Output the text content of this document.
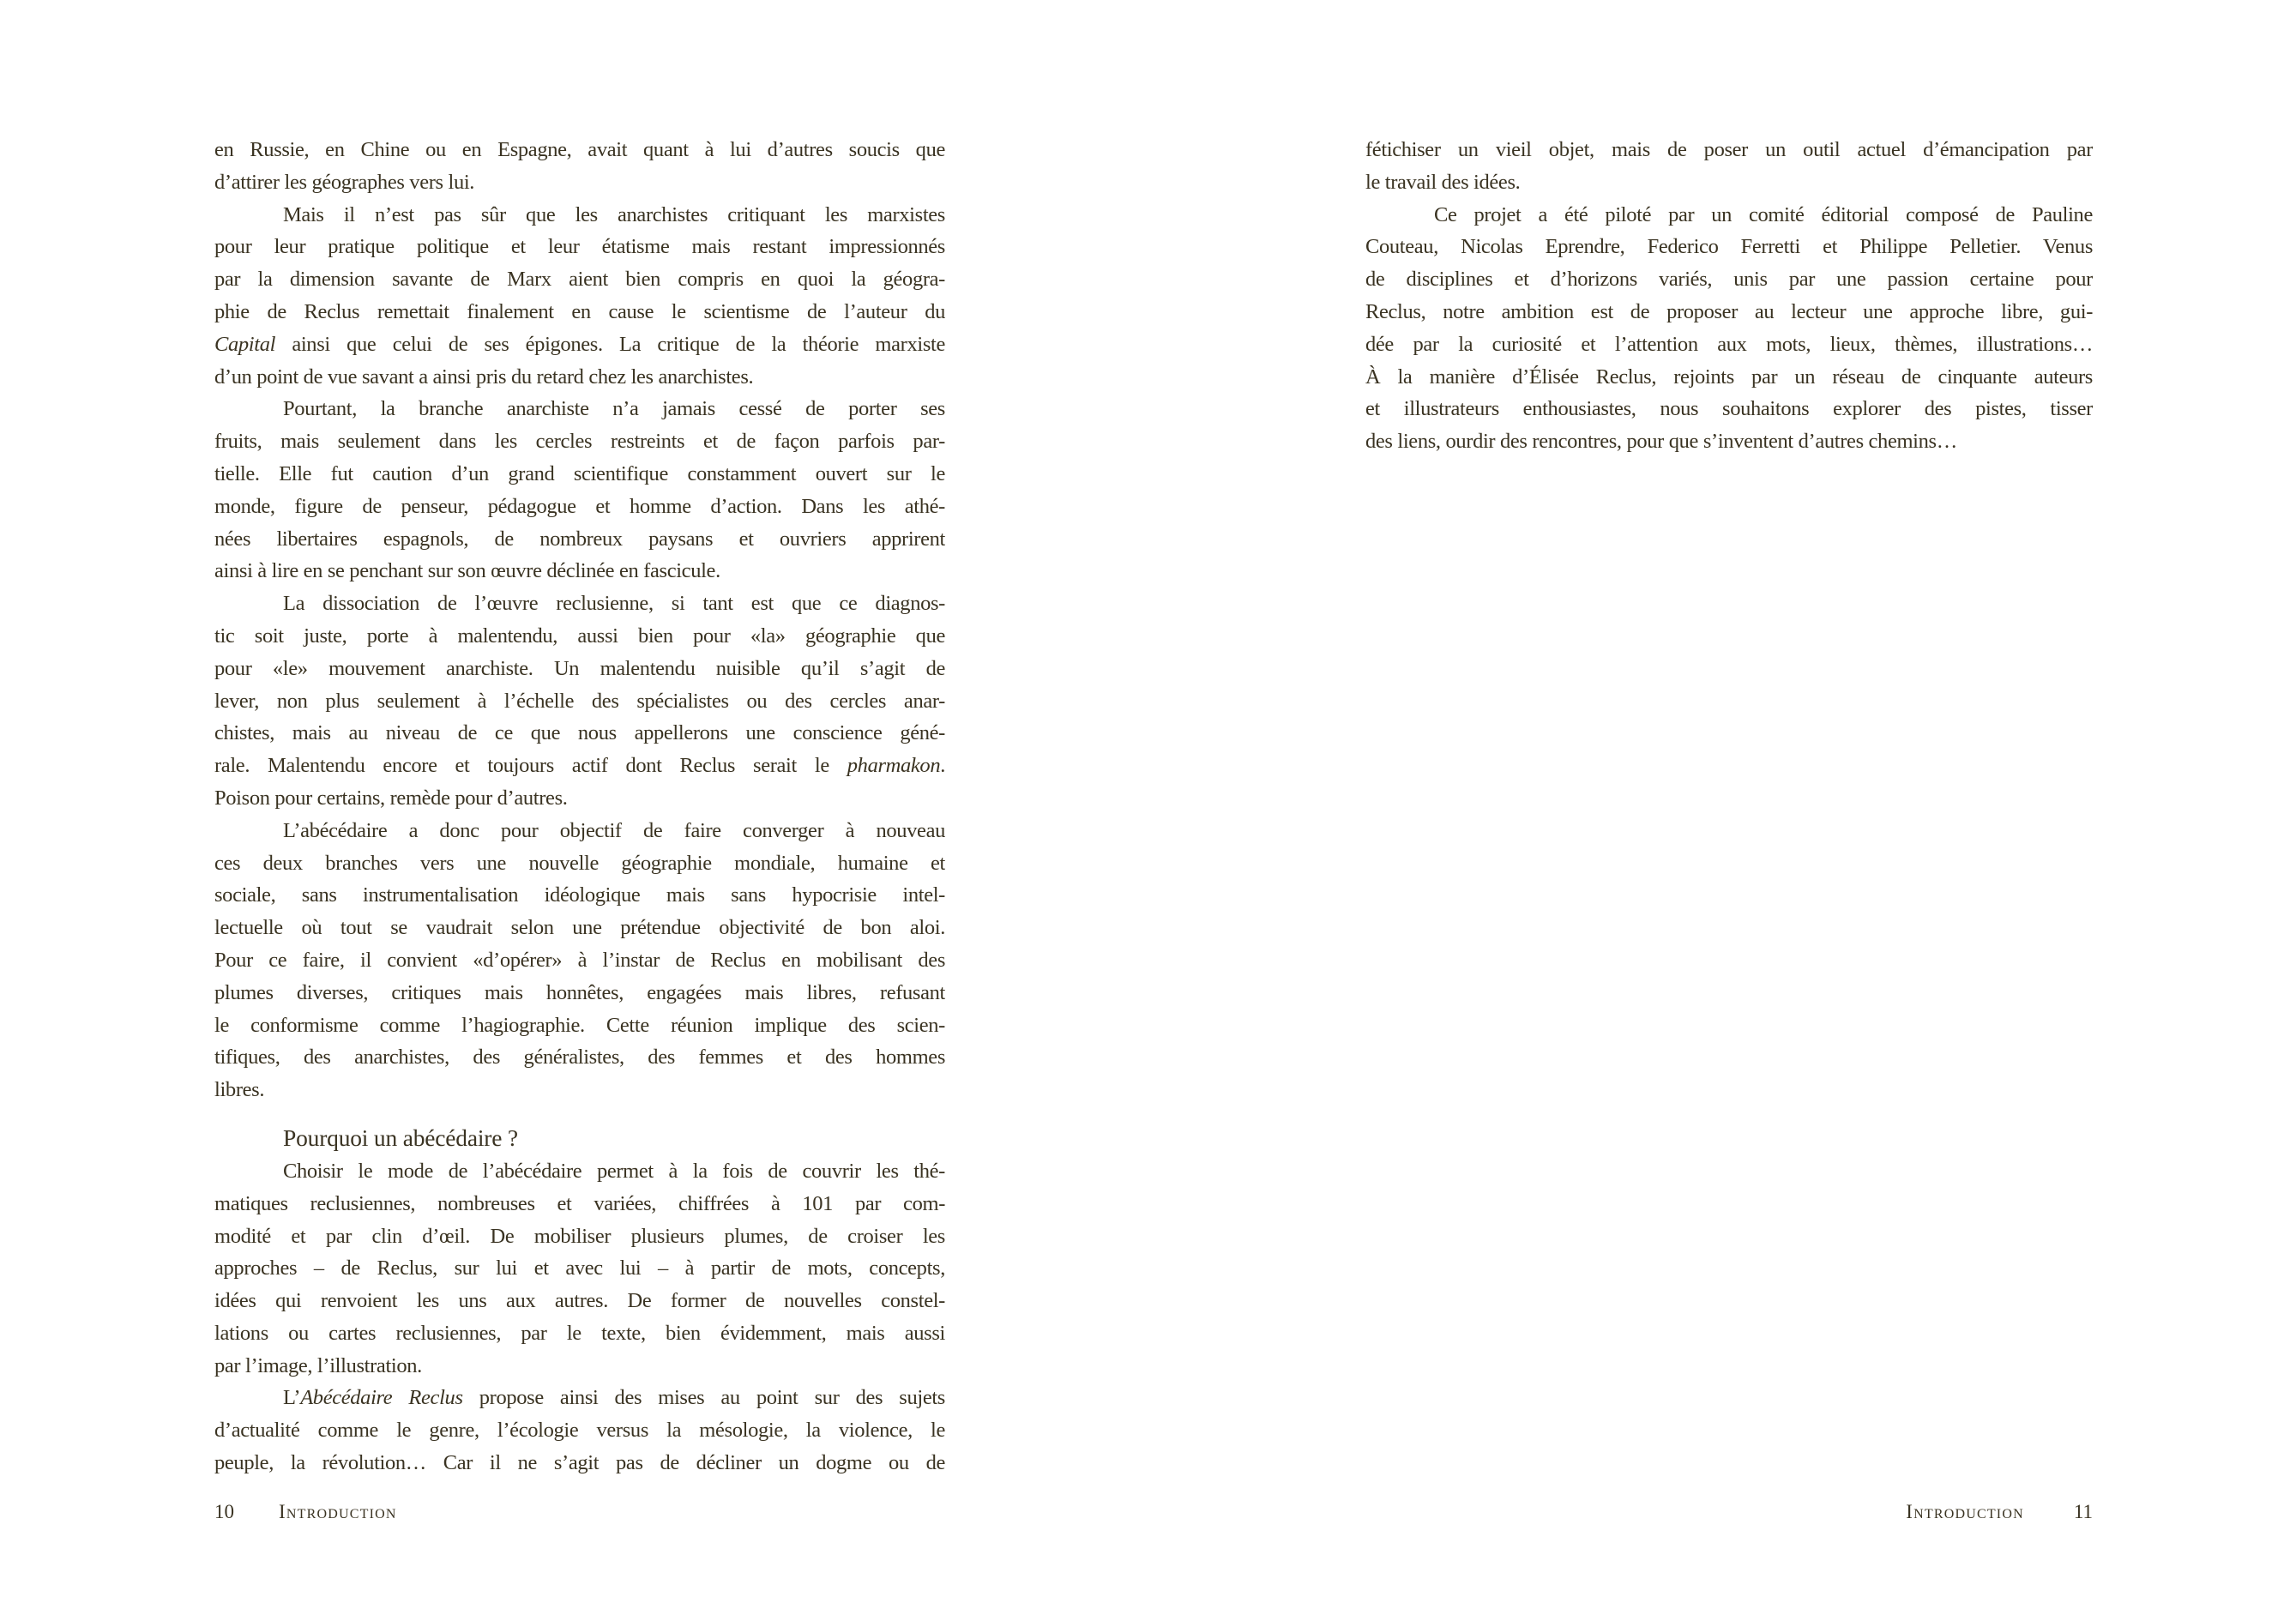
en Russie, en Chine ou en Espagne, avait quant à lui d’autres soucis que
d’attirer les géographes vers lui.
Mais il n’est pas sûr que les anarchistes critiquant les marxistes
pour leur pratique politique et leur étatisme mais restant impressionnés
par la dimension savante de Marx aient bien compris en quoi la géogra-
phie de Reclus remettait finalement en cause le scientisme de l’auteur du
Capital ainsi que celui de ses épigones. La critique de la théorie marxiste
d’un point de vue savant a ainsi pris du retard chez les anarchistes.
Pourtant, la branche anarchiste n’a jamais cessé de porter ses
fruits, mais seulement dans les cercles restreints et de façon parfois par-
tielle. Elle fut caution d’un grand scientifique constamment ouvert sur le
monde, figure de penseur, pédagogue et homme d’action. Dans les athé-
nées libertaires espagnols, de nombreux paysans et ouvriers apprirent
ainsi à lire en se penchant sur son œuvre déclinée en fascicule.
La dissociation de l’œuvre reclusienne, si tant est que ce diagnos-
tic soit juste, porte à malentendu, aussi bien pour «la» géographie que
pour «le» mouvement anarchiste. Un malentendu nuisible qu’il s’agit de
lever, non plus seulement à l’échelle des spécialistes ou des cercles anar-
chistes, mais au niveau de ce que nous appellerons une conscience géné-
rale. Malentendu encore et toujours actif dont Reclus serait le pharmakon.
Poison pour certains, remède pour d’autres.
L’abécédaire a donc pour objectif de faire converger à nouveau
ces deux branches vers une nouvelle géographie mondiale, humaine et
sociale, sans instrumentalisation idéologique mais sans hypocrisie intel-
lectuelle où tout se vaudrait selon une prétendue objectivité de bon aloi.
Pour ce faire, il convient «d’opérer» à l’instar de Reclus en mobilisant des
plumes diverses, critiques mais honnêtes, engagées mais libres, refusant
le conformisme comme l’hagiographie. Cette réunion implique des scien-
tifiques, des anarchistes, des généralistes, des femmes et des hommes
libres.
Pourquoi un abécédaire ?
Choisir le mode de l’abécédaire permet à la fois de couvrir les thé-
matiques reclusiennes, nombreuses et variées, chiffrées à 101 par com-
modité et par clin d’œil. De mobiliser plusieurs plumes, de croiser les
approches – de Reclus, sur lui et avec lui – à partir de mots, concepts,
idées qui renvoient les uns aux autres. De former de nouvelles constel-
lations ou cartes reclusiennes, par le texte, bien évidemment, mais aussi
par l’image, l’illustration.
L’Abécédaire Reclus propose ainsi des mises au point sur des sujets
d’actualité comme le genre, l’écologie versus la mésologie, la violence, le
peuple, la révolution… Car il ne s’agit pas de décliner un dogme ou de
10 Introduction
fétichiser un vieil objet, mais de poser un outil actuel d’émancipation par
le travail des idées.
Ce projet a été piloté par un comité éditorial composé de Pauline
Couteau, Nicolas Eprendre, Federico Ferretti et Philippe Pelletier. Venus
de disciplines et d’horizons variés, unis par une passion certaine pour
Reclus, notre ambition est de proposer au lecteur une approche libre, gui-
dée par la curiosité et l’attention aux mots, lieux, thèmes, illustrations…
À la manière d’Élisée Reclus, rejoints par un réseau de cinquante auteurs
et illustrateurs enthousiastes, nous souhaitons explorer des pistes, tisser
des liens, ourdir des rencontres, pour que s’inventent d’autres chemins…
Introduction	11
